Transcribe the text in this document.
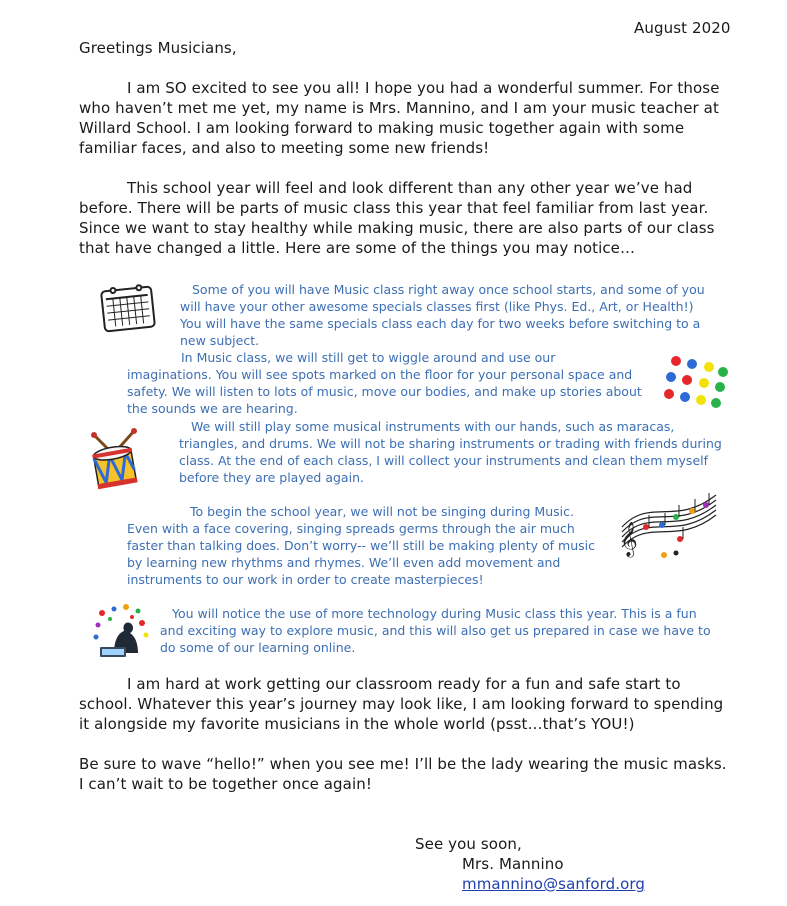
August 2020
Greetings Musicians,
I am SO excited to see you all! I hope you had a wonderful summer. For those who haven’t met me yet, my name is Mrs. Mannino, and I am your music teacher at Willard School. I am looking forward to making music together again with some familiar faces, and also to meeting some new friends!
This school year will feel and look different than any other year we’ve had before. There will be parts of music class this year that feel familiar from last year. Since we want to stay healthy while making music, there are also parts of our class that have changed a little. Here are some of the things you may notice…
Some of you will have Music class right away once school starts, and some of you will have your other awesome specials classes first (like Phys. Ed., Art, or Health!) You will have the same specials class each day for two weeks before switching to a new subject.
In Music class, we will still get to wiggle around and use our imaginations. You will see spots marked on the floor for your personal space and safety. We will listen to lots of music, move our bodies, and make up stories about the sounds we are hearing.
We will still play some musical instruments with our hands, such as maracas, triangles, and drums. We will not be sharing instruments or trading with friends during class. At the end of each class, I will collect your instruments and clean them myself before they are played again.
To begin the school year, we will not be singing during Music. Even with a face covering, singing spreads germs through the air much faster than talking does. Don’t worry-- we’ll still be making plenty of music by learning new rhythms and rhymes. We’ll even add movement and instruments to our work in order to create masterpieces!
𝄞
You will notice the use of more technology during Music class this year. This is a fun and exciting way to explore music, and this will also get us prepared in case we have to do some of our learning online.
I am hard at work getting our classroom ready for a fun and safe start to school. Whatever this year’s journey may look like, I am looking forward to spending it alongside my favorite musicians in the whole world (psst…that’s YOU!)
Be sure to wave “hello!” when you see me! I’ll be the lady wearing the music masks. I can’t wait to be together once again!
See you soon,
Mrs. Mannino
mmannino@sanford.org
